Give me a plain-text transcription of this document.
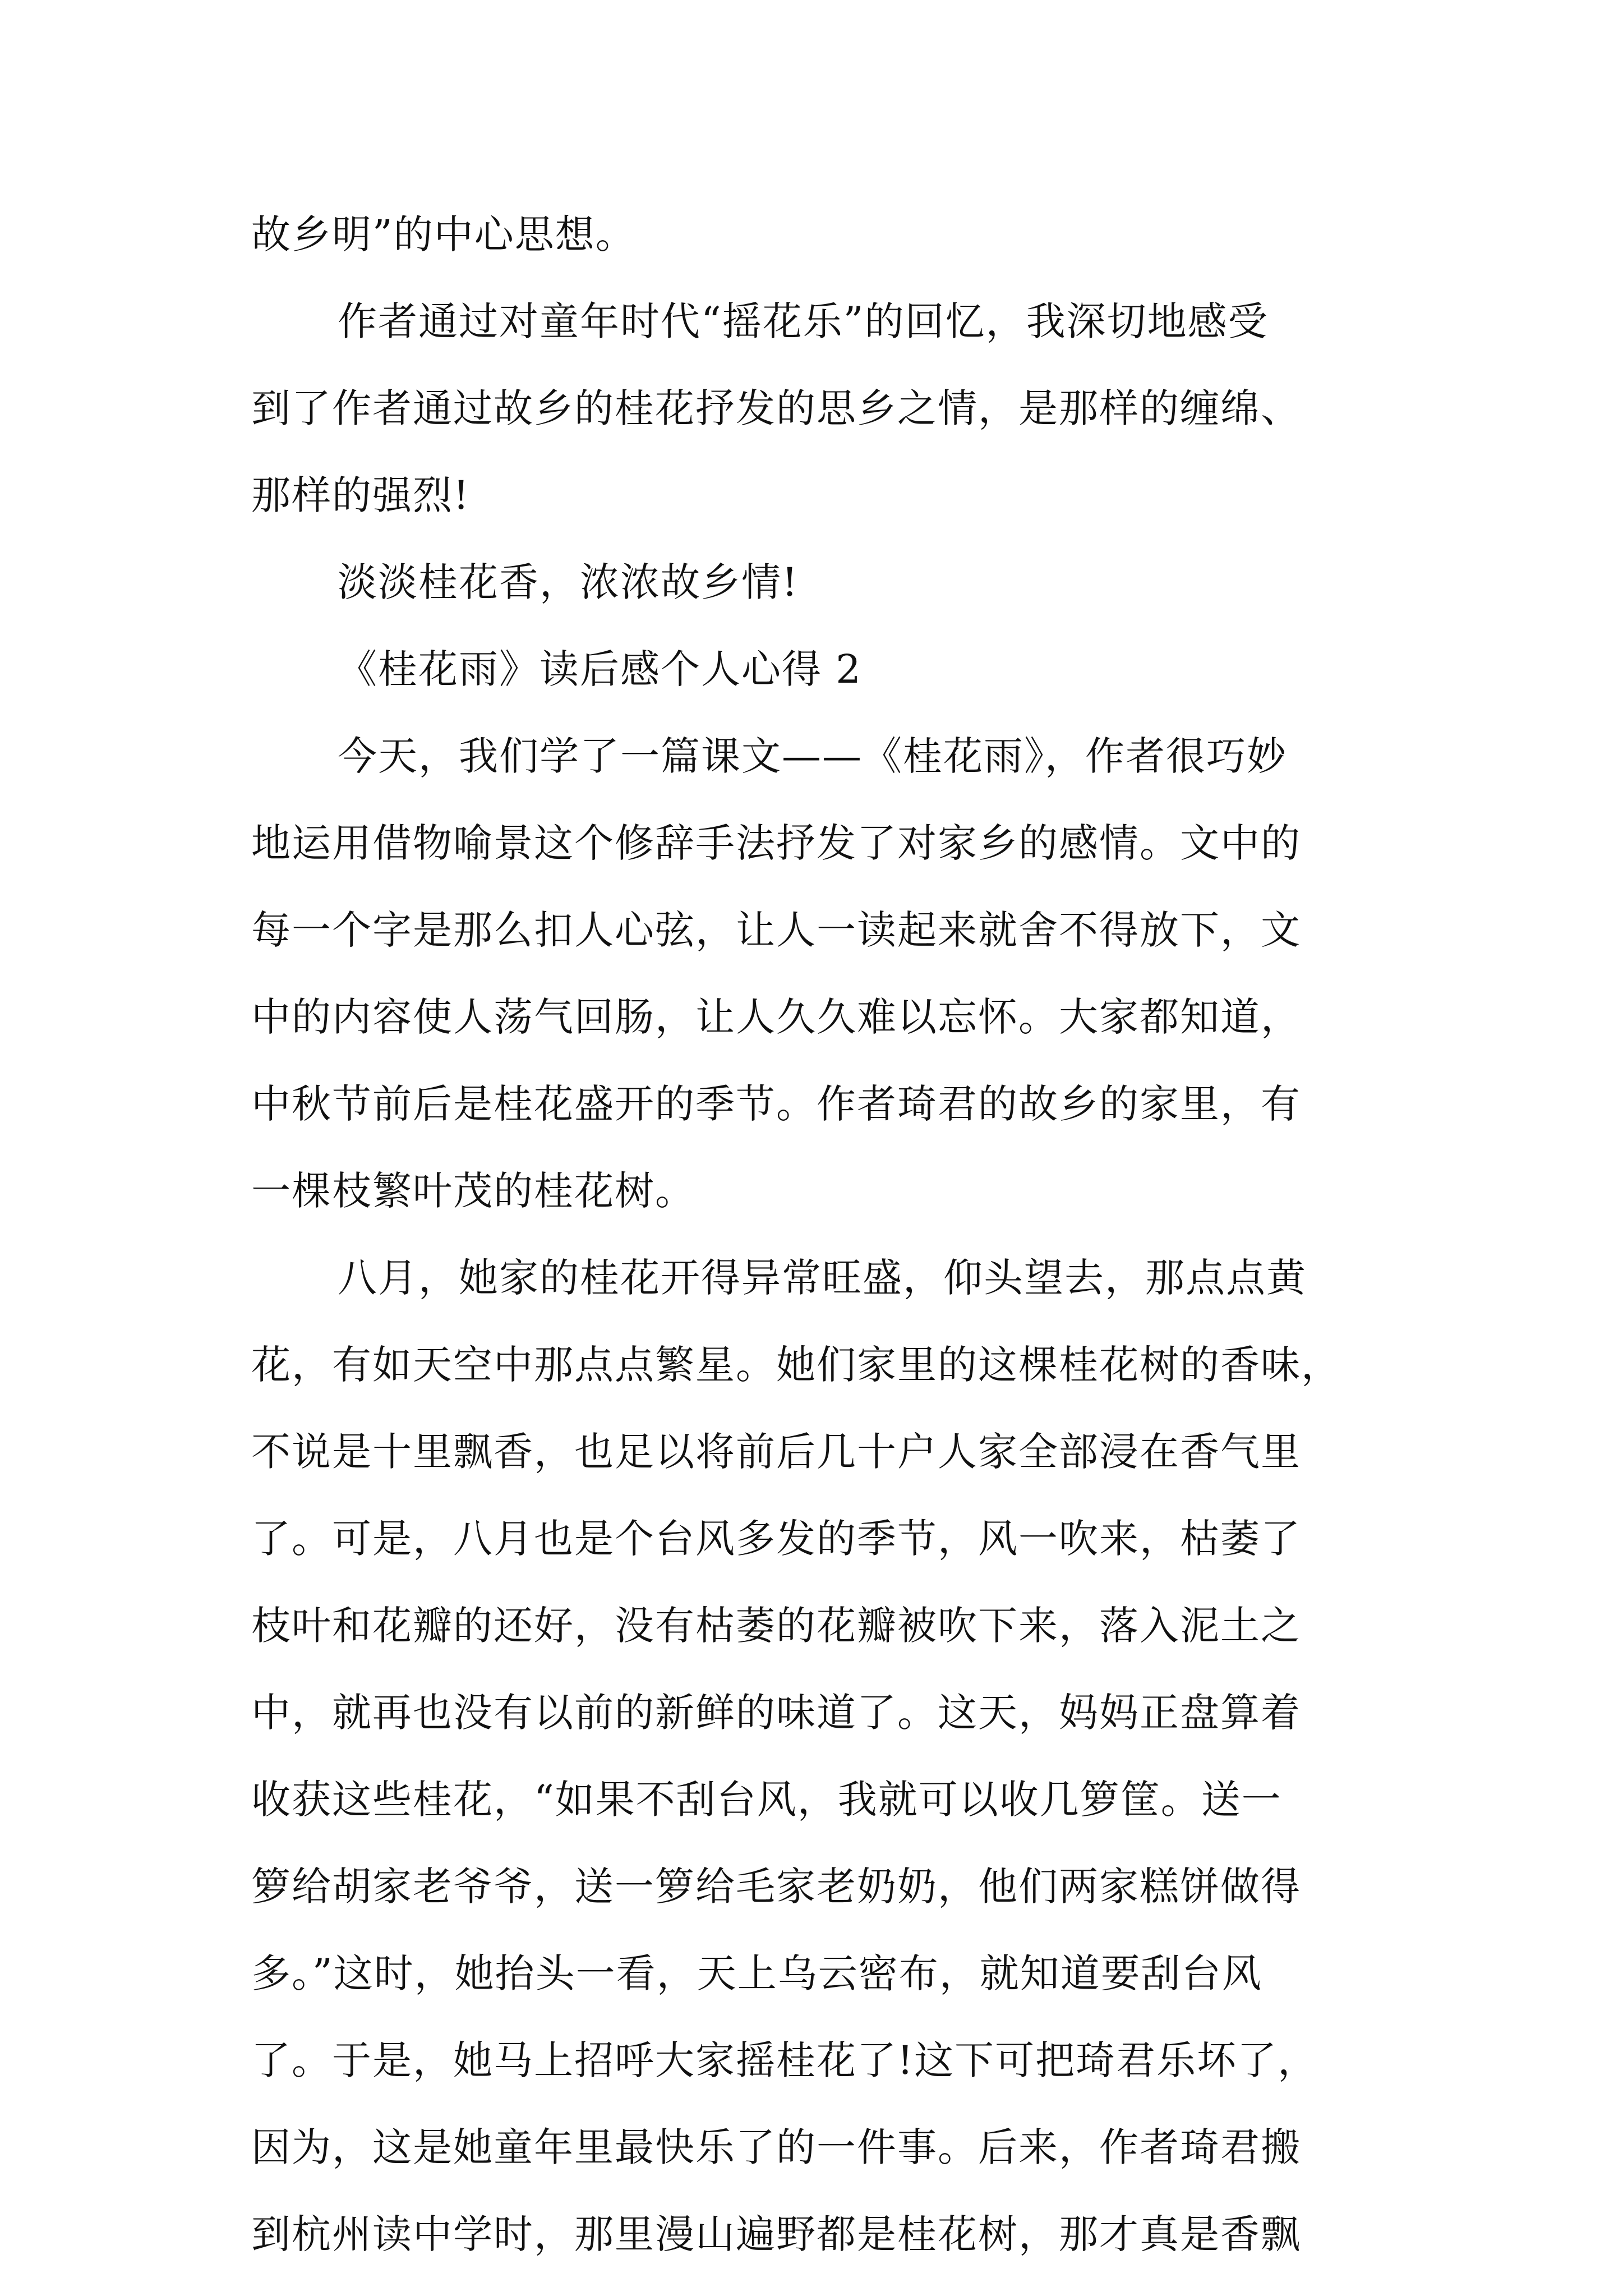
故乡明”的中心思想。
作者通过对童年时代“摇花乐”的回忆，我深切地感受
到了作者通过故乡的桂花抒发的思乡之情，是那样的缠绵、
那样的强烈!
淡淡桂花香，浓浓故乡情!
《桂花雨》读后感个人心得 2
今天，我们学了一篇课文——《桂花雨》，作者很巧妙
地运用借物喻景这个修辞手法抒发了对家乡的感情。文中的
每一个字是那么扣人心弦，让人一读起来就舍不得放下，文
中的内容使人荡气回肠，让人久久难以忘怀。大家都知道，
中秋节前后是桂花盛开的季节。作者琦君的故乡的家里，有
一棵枝繁叶茂的桂花树。
八月，她家的桂花开得异常旺盛，仰头望去，那点点黄
花，有如天空中那点点繁星。她们家里的这棵桂花树的香味，
不说是十里飘香，也足以将前后几十户人家全部浸在香气里
了。可是，八月也是个台风多发的季节，风一吹来，枯萎了
枝叶和花瓣的还好，没有枯萎的花瓣被吹下来，落入泥土之
中，就再也没有以前的新鲜的味道了。这天，妈妈正盘算着
收获这些桂花，“如果不刮台风，我就可以收几箩筐。送一
箩给胡家老爷爷，送一箩给毛家老奶奶，他们两家糕饼做得
多。”这时，她抬头一看，天上乌云密布，就知道要刮台风
了。于是，她马上招呼大家摇桂花了!这下可把琦君乐坏了，
因为，这是她童年里最快乐了的一件事。后来，作者琦君搬
到杭州读中学时，那里漫山遍野都是桂花树，那才真是香飘
